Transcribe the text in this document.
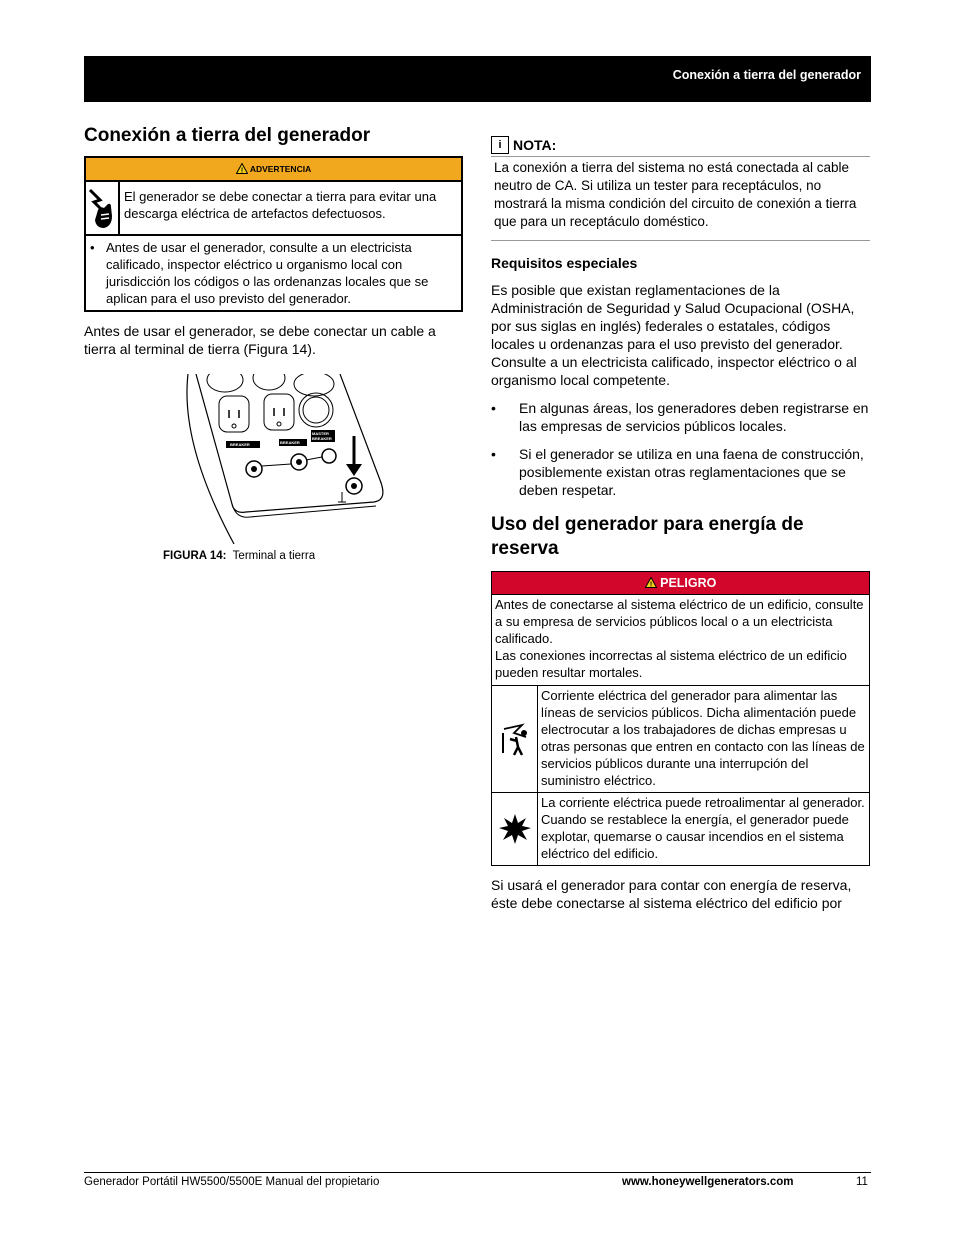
Conexión a tierra del generador
Conexión a tierra del generador
! ADVERTENCIA
El generador se debe conectar a tierra para evitar una descarga eléctrica de artefactos defectuosos.
• Antes de usar el generador, consulte a un electricista calificado, inspector eléctrico u organismo local con jurisdicción los códigos o las ordenanzas locales que se aplican para el uso previsto del generador.

Antes de usar el generador, se debe conectar un cable a tierra al terminal de tierra (Figura 14).

BREAKER	BREAKER
MASTER BREAKER
FIGURA 14: Terminal a tierra
i NOTA:
La conexión a tierra del sistema no está conectada al cable neutro de CA. Si utiliza un tester para receptáculos, no mostrará la misma condición del circuito de conexión a tierra que para un receptáculo doméstico.
Requisitos especiales

Es posible que existan reglamentaciones de la Administración de Seguridad y Salud Ocupacional (OSHA, por sus siglas en inglés) federales o estatales, códigos locales u ordenanzas para el uso previsto del generador. Consulte a un electricista calificado, inspector eléctrico o al organismo local competente.

•	En algunas áreas, los generadores deben registrarse en las empresas de servicios públicos locales.
•	Si el generador se utiliza en una faena de construcción, posiblemente existan otras reglamentaciones que se deben respetar.
Uso del generador para energía de reserva
! PELIGRO
Antes de conectarse al sistema eléctrico de un edificio, consulte a su empresa de servicios públicos local o a un electricista calificado.
Las conexiones incorrectas al sistema eléctrico de un edificio pueden resultar mortales.
Corriente eléctrica del generador para alimentar las líneas de servicios públicos. Dicha alimentación puede electrocutar a los trabajadores de dichas empresas u otras personas que entren en contacto con las líneas de servicios públicos durante una interrupción del suministro eléctrico.
La corriente eléctrica puede retroalimentar al generador. Cuando se restablece la energía, el generador puede explotar, quemarse o causar incendios en el sistema eléctrico del edificio.

Si usará el generador para contar con energía de reserva, éste debe conectarse al sistema eléctrico del edificio por

Generador Portátil HW5500/5500E Manual del propietario	www.honeywellgenerators.com	11
